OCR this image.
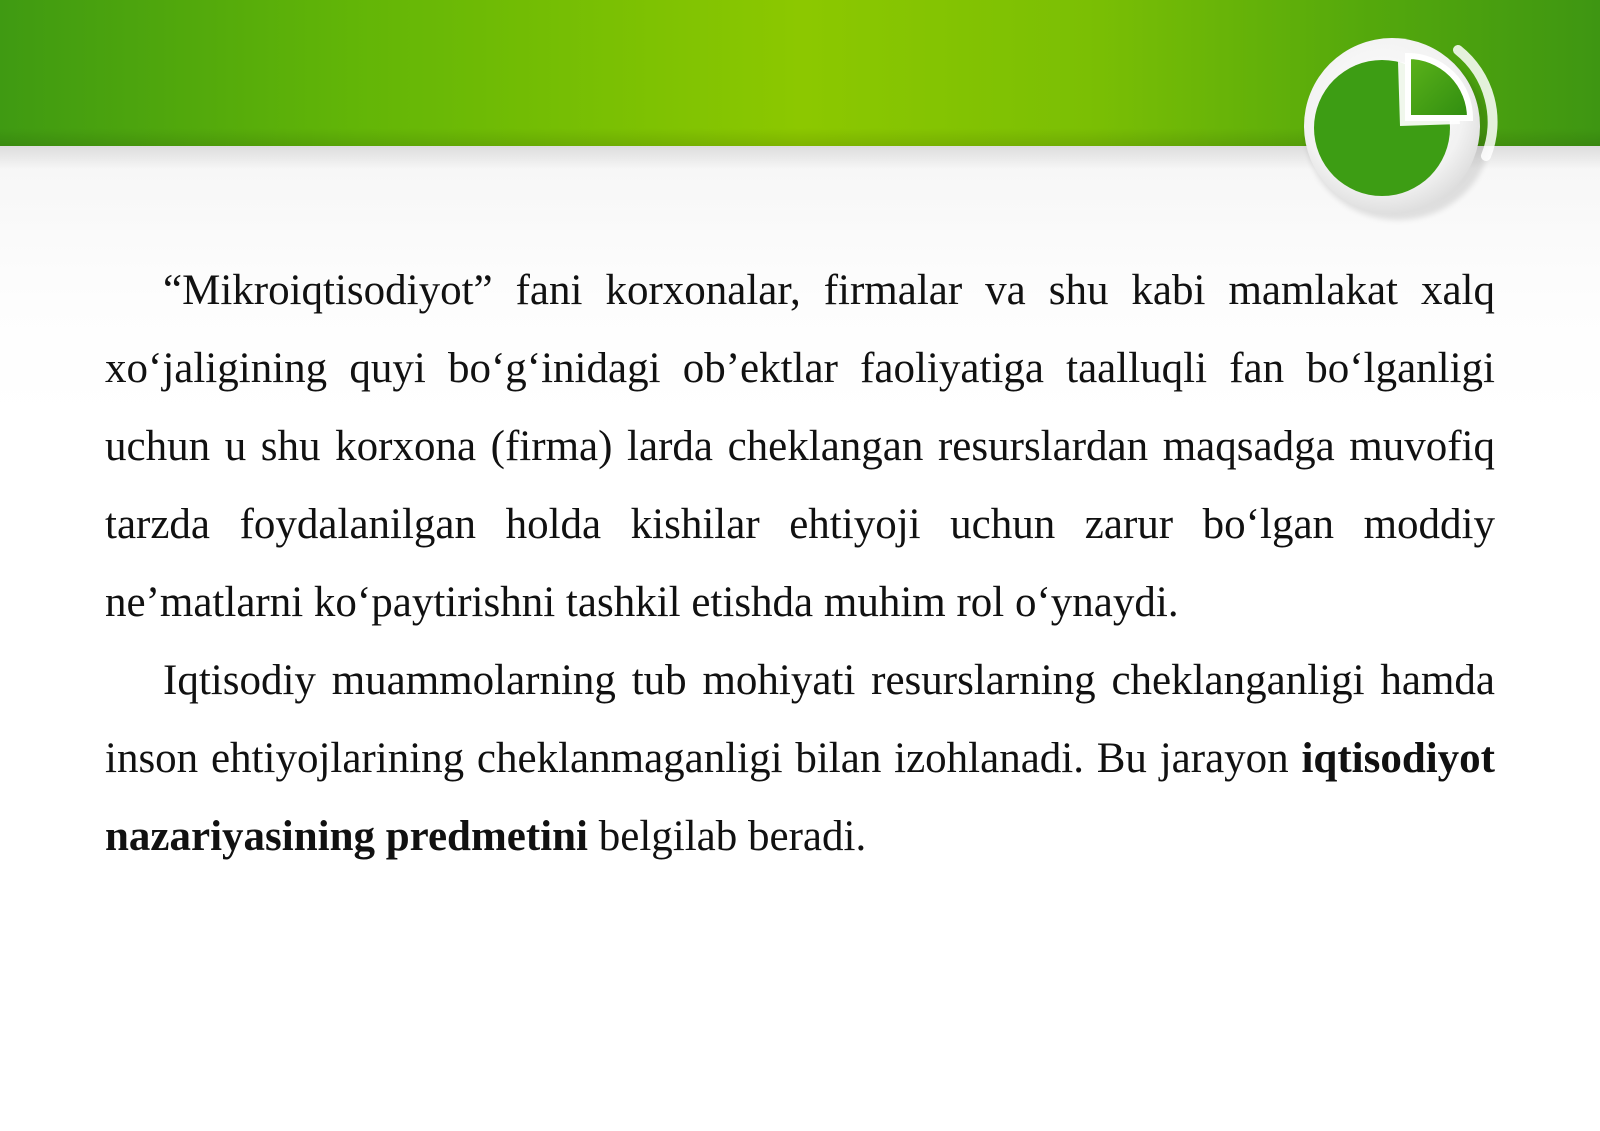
“Mikroiqtisodiyot” fani korxonalar, firmalar va shu kabi mamlakat xalq xo‘jaligining quyi bo‘g‘inidagi ob’ektlar faoliyatiga taalluqli fan bo‘lganligi uchun u shu korxona (firma) larda cheklangan resurslardan maqsadga muvofiq tarzda foydalanilgan holda kishilar ehtiyoji uchun zarur bo‘lgan moddiy ne’matlarni ko‘paytirishni tashkil etishda muhim rol o‘ynaydi.

Iqtisodiy muammolarning tub mohiyati resurslarning cheklanganligi hamda inson ehtiyojlarining cheklanmaganligi bilan izohlanadi. Bu jarayon iqtisodiyot nazariyasining predmetini belgilab beradi.
